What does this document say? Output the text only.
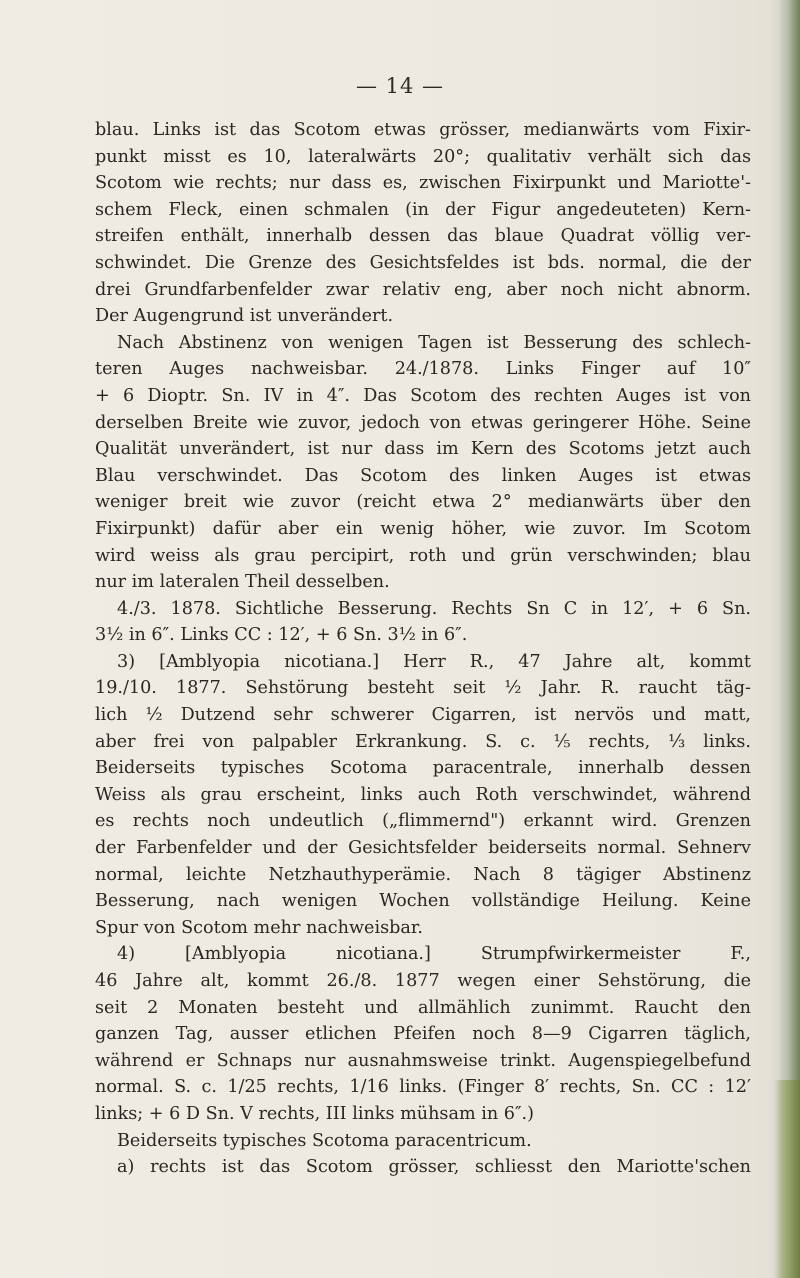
— 14 —
blau. Links ist das Scotom etwas grösser, medianwärts vom Fixir-
punkt misst es 10, lateralwärts 20°; qualitativ verhält sich das
Scotom wie rechts; nur dass es, zwischen Fixirpunkt und Mariotte'-
schem Fleck, einen schmalen (in der Figur angedeuteten) Kern-
streifen enthält, innerhalb dessen das blaue Quadrat völlig ver-
schwindet. Die Grenze des Gesichtsfeldes ist bds. normal, die der
drei Grundfarbenfelder zwar relativ eng, aber noch nicht abnorm.
Der Augengrund ist unverändert.
Nach Abstinenz von wenigen Tagen ist Besserung des schlech-
teren Auges nachweisbar. 24./1878. Links Finger auf 10″
+ 6 Dioptr. Sn. IV in 4″. Das Scotom des rechten Auges ist von
derselben Breite wie zuvor, jedoch von etwas geringerer Höhe. Seine
Qualität unverändert, ist nur dass im Kern des Scotoms jetzt auch
Blau verschwindet. Das Scotom des linken Auges ist etwas
weniger breit wie zuvor (reicht etwa 2° medianwärts über den
Fixirpunkt) dafür aber ein wenig höher, wie zuvor. Im Scotom
wird weiss als grau percipirt, roth und grün verschwinden; blau
nur im lateralen Theil desselben.
4./3. 1878. Sichtliche Besserung. Rechts Sn C in 12′, + 6 Sn.
3½ in 6″. Links CC : 12′, + 6 Sn. 3½ in 6″.
3) [Amblyopia nicotiana.] Herr R., 47 Jahre alt, kommt
19./10. 1877. Sehstörung besteht seit ½ Jahr. R. raucht täg-
lich ½ Dutzend sehr schwerer Cigarren, ist nervös und matt,
aber frei von palpabler Erkrankung. S. c. ⅕ rechts, ⅓ links.
Beiderseits typisches Scotoma paracentrale, innerhalb dessen
Weiss als grau erscheint, links auch Roth verschwindet, während
es rechts noch undeutlich („flimmernd") erkannt wird. Grenzen
der Farbenfelder und der Gesichtsfelder beiderseits normal. Sehnerv
normal, leichte Netzhauthyperämie. Nach 8 tägiger Abstinenz
Besserung, nach wenigen Wochen vollständige Heilung. Keine
Spur von Scotom mehr nachweisbar.
4) [Amblyopia nicotiana.] Strumpfwirkermeister F.,
46 Jahre alt, kommt 26./8. 1877 wegen einer Sehstörung, die
seit 2 Monaten besteht und allmählich zunimmt. Raucht den
ganzen Tag, ausser etlichen Pfeifen noch 8—9 Cigarren täglich,
während er Schnaps nur ausnahmsweise trinkt. Augenspiegelbefund
normal. S. c. 1/25 rechts, 1/16 links. (Finger 8′ rechts, Sn. CC : 12′
links; + 6 D Sn. V rechts, III links mühsam in 6″.)
Beiderseits typisches Scotoma paracentricum.
a) rechts ist das Scotom grösser, schliesst den Mariotte'schen
